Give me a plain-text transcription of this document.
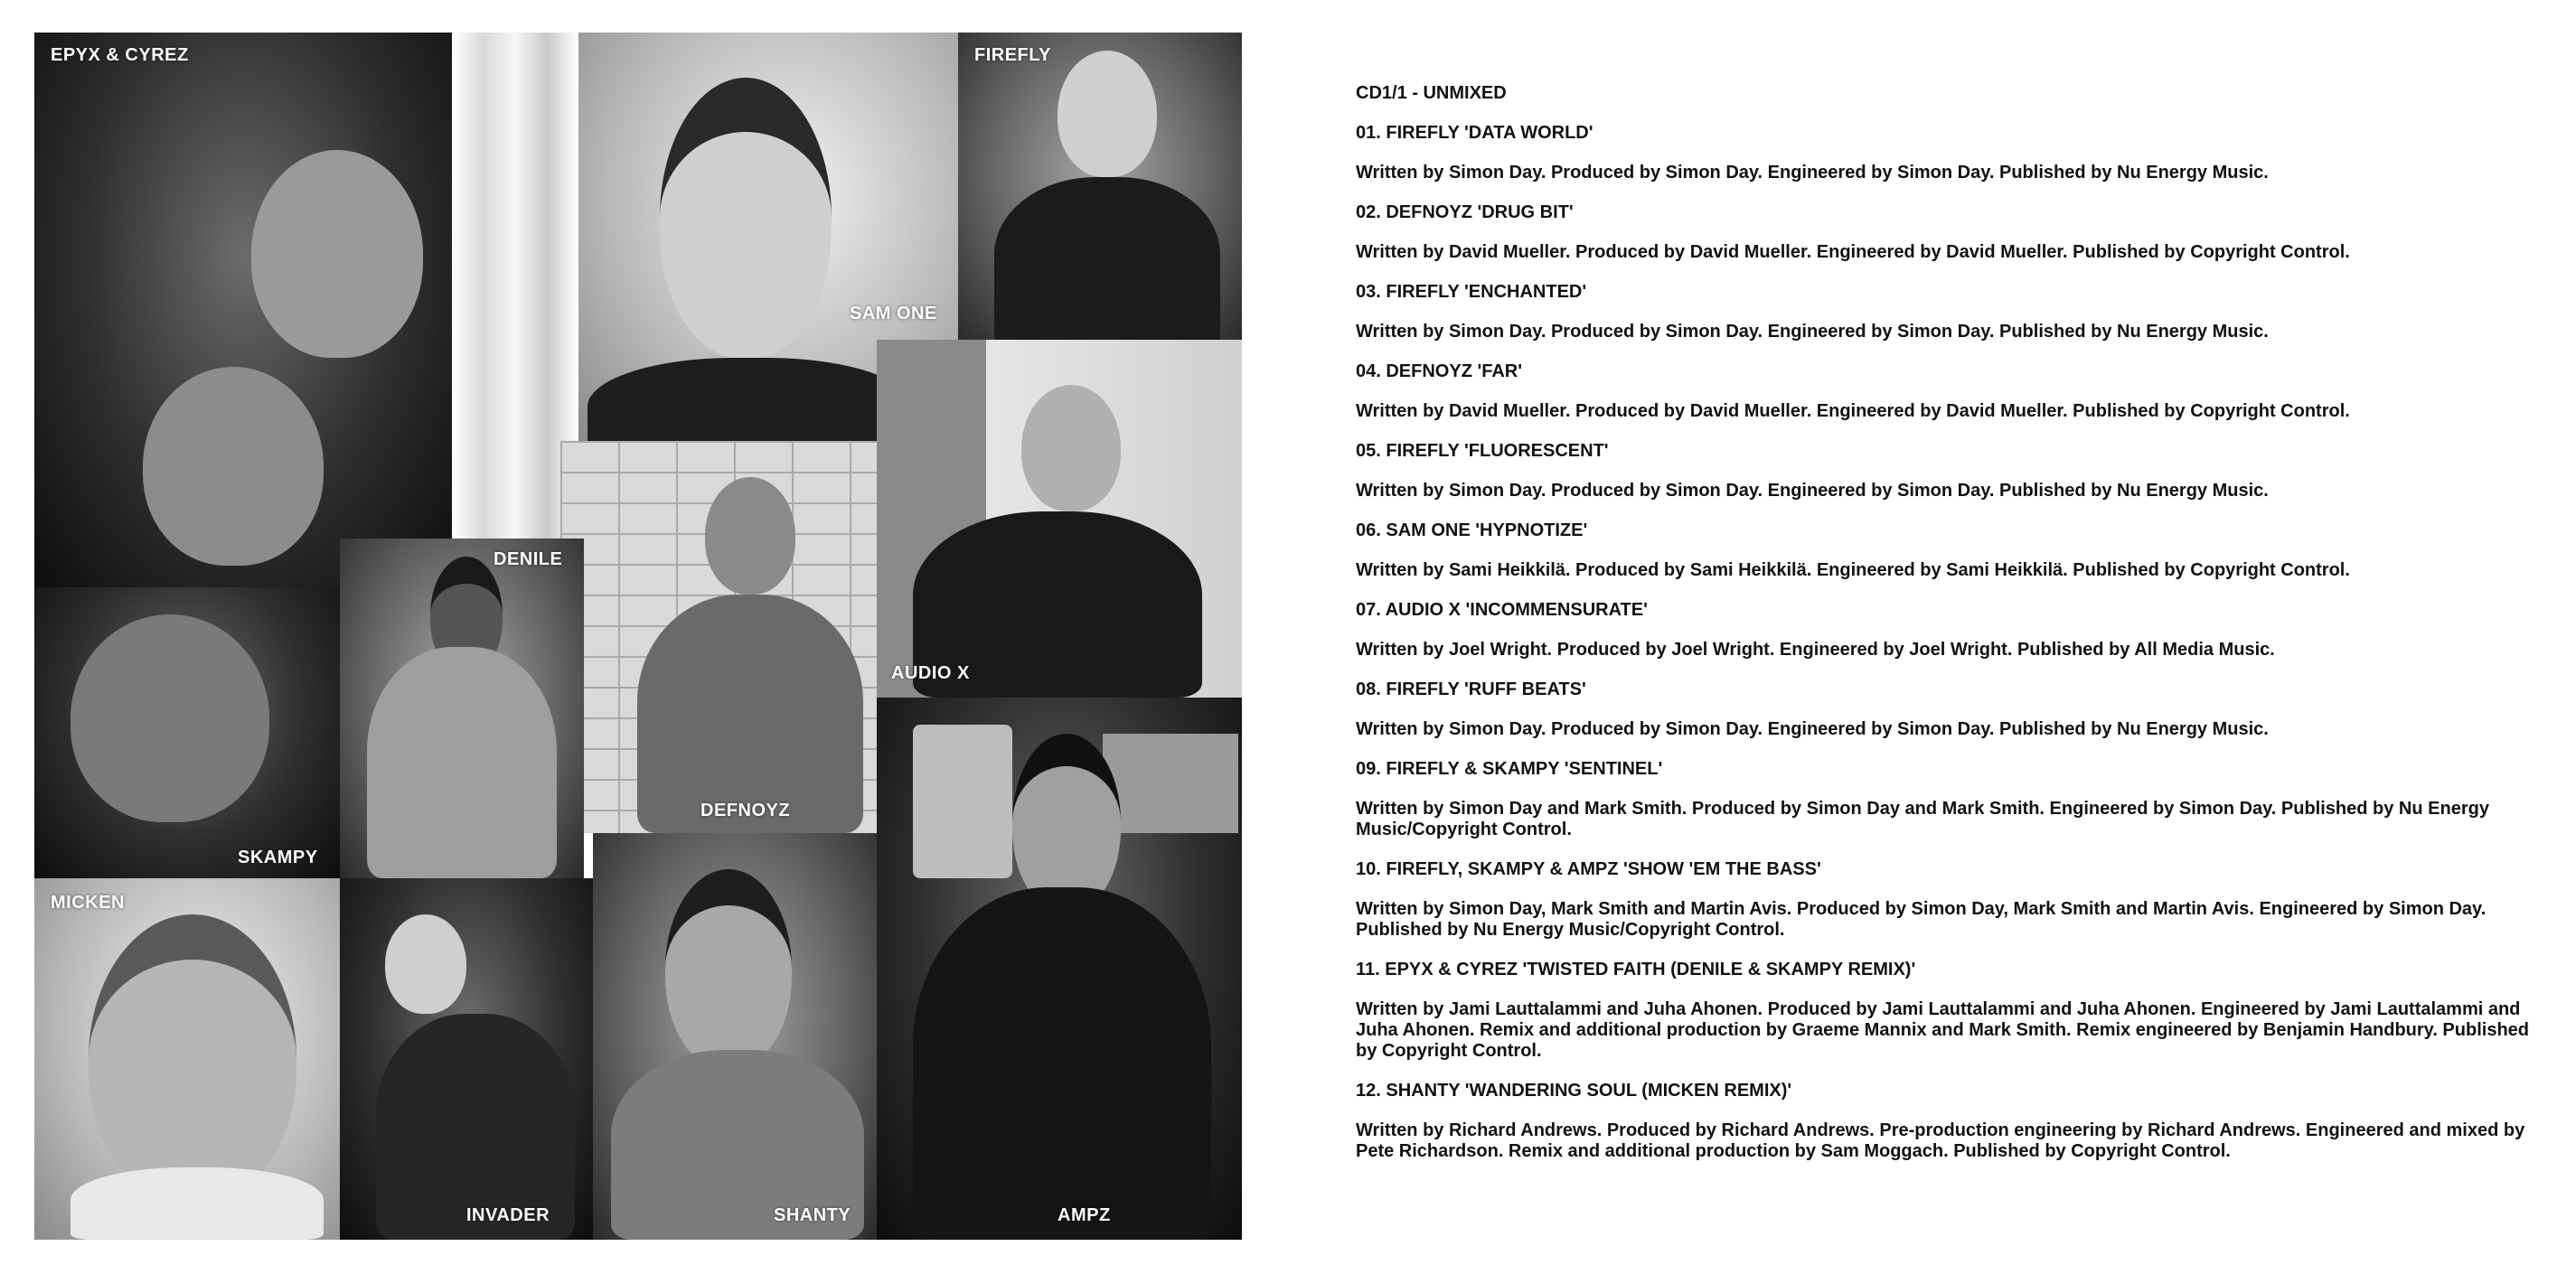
EPYX & CYREZ
SAM ONE
FIREFLY
DEFNOYZ
AUDIO X
DENILE
SKAMPY
MICKEN
INVADER	SHANTY	AMPZ
CD1/1 - UNMIXED
01. FIREFLY 'DATA WORLD'
Written by Simon Day. Produced by Simon Day. Engineered by Simon Day. Published by Nu Energy Music.
02. DEFNOYZ 'DRUG BIT'
Written by David Mueller. Produced by David Mueller. Engineered by David Mueller. Published by Copyright Control.
03. FIREFLY 'ENCHANTED'
Written by Simon Day. Produced by Simon Day. Engineered by Simon Day. Published by Nu Energy Music.
04. DEFNOYZ 'FAR'
Written by David Mueller. Produced by David Mueller. Engineered by David Mueller. Published by Copyright Control.
05. FIREFLY 'FLUORESCENT'
Written by Simon Day. Produced by Simon Day. Engineered by Simon Day. Published by Nu Energy Music.
06. SAM ONE 'HYPNOTIZE'
Written by Sami Heikkilä. Produced by Sami Heikkilä. Engineered by Sami Heikkilä. Published by Copyright Control.
07. AUDIO X 'INCOMMENSURATE'
Written by Joel Wright. Produced by Joel Wright. Engineered by Joel Wright. Published by All Media Music.
08. FIREFLY 'RUFF BEATS'
Written by Simon Day. Produced by Simon Day. Engineered by Simon Day. Published by Nu Energy Music.
09. FIREFLY & SKAMPY 'SENTINEL'
Written by Simon Day and Mark Smith. Produced by Simon Day and Mark Smith. Engineered by Simon Day. Published by Nu Energy Music/Copyright Control.
10. FIREFLY, SKAMPY & AMPZ 'SHOW 'EM THE BASS'
Written by Simon Day, Mark Smith and Martin Avis. Produced by Simon Day, Mark Smith and Martin Avis. Engineered by Simon Day. Published by Nu Energy Music/Copyright Control.
11. EPYX & CYREZ 'TWISTED FAITH (DENILE & SKAMPY REMIX)'
Written by Jami Lauttalammi and Juha Ahonen. Produced by Jami Lauttalammi and Juha Ahonen. Engineered by Jami Lauttalammi and Juha Ahonen. Remix and additional production by Graeme Mannix and Mark Smith. Remix engineered by Benjamin Handbury. Published by Copyright Control.
12. SHANTY 'WANDERING SOUL (MICKEN REMIX)'
Written by Richard Andrews. Produced by Richard Andrews. Pre-production engineering by Richard Andrews. Engineered and mixed by Pete Richardson. Remix and additional production by Sam Moggach. Published by Copyright Control.
